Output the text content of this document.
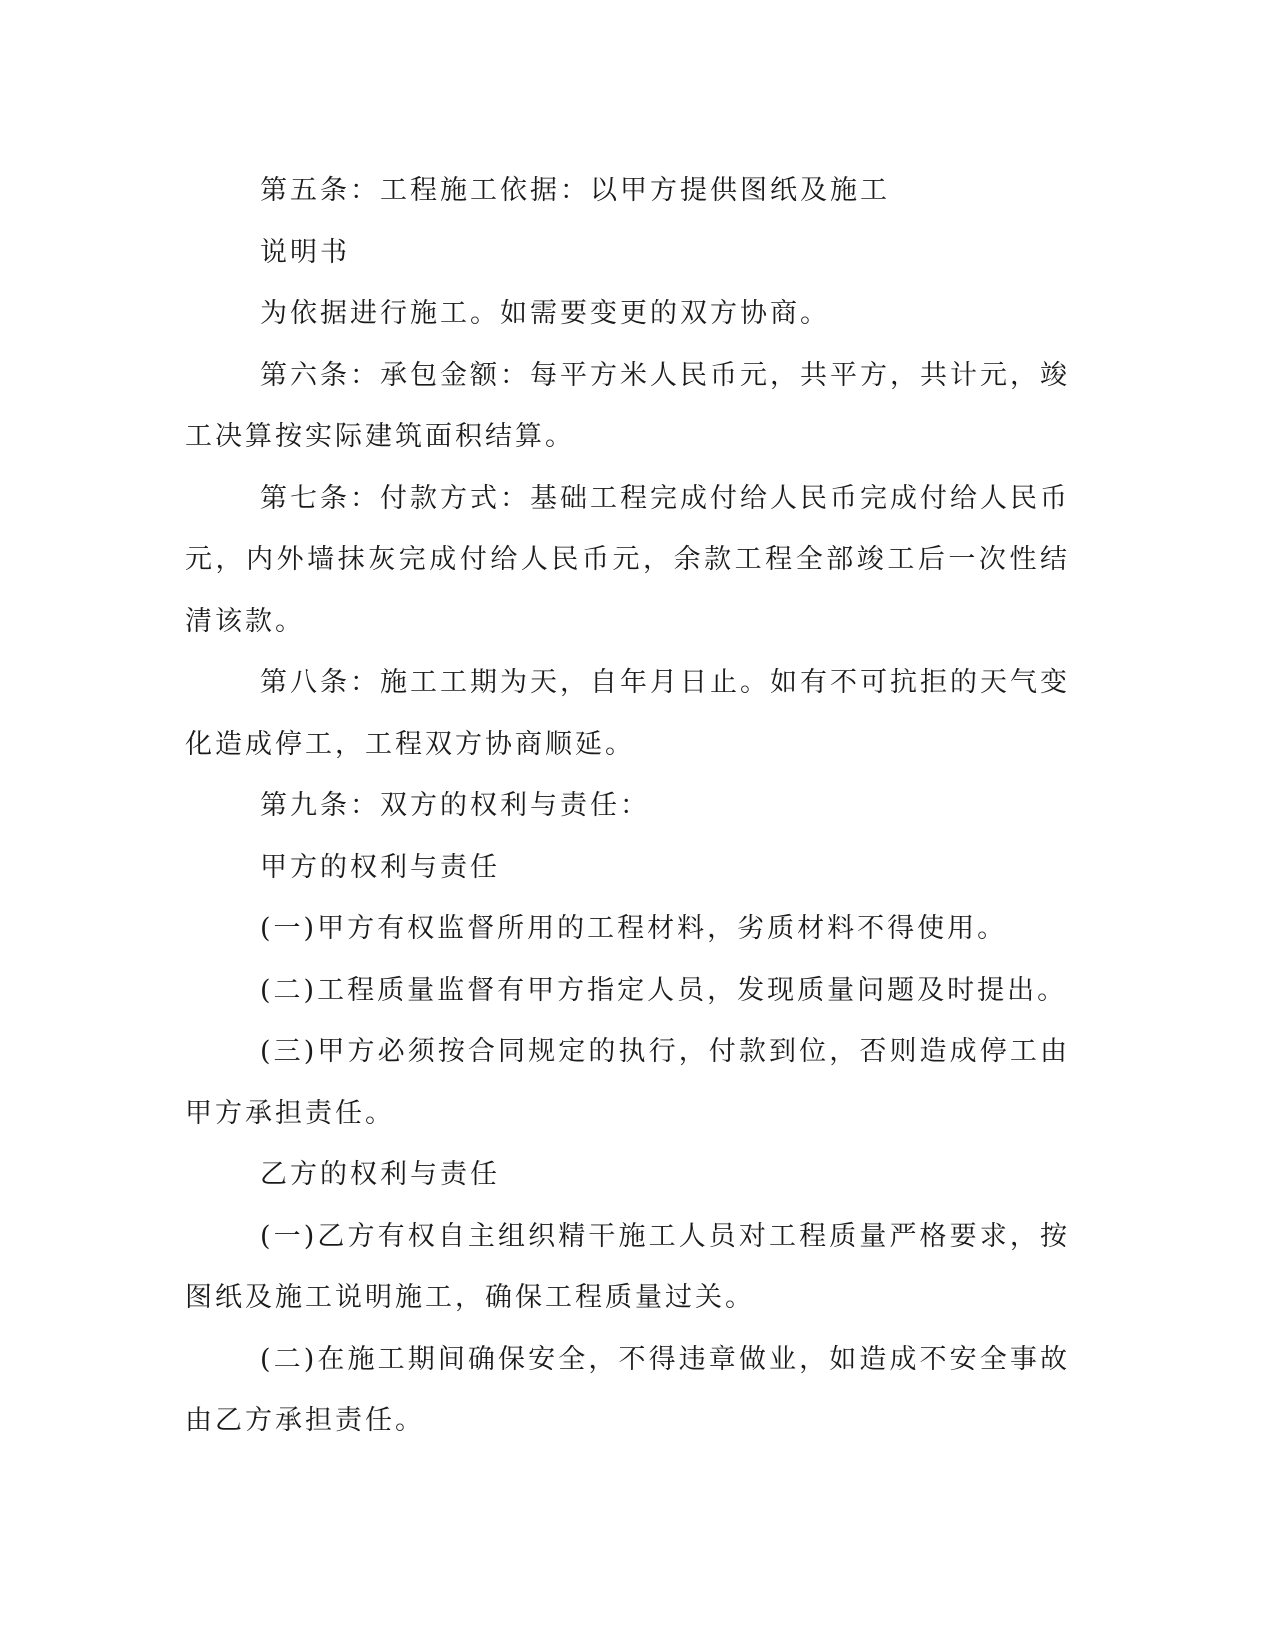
第五条：工程施工依据：以甲方提供图纸及施工

说明书

为依据进行施工。如需要变更的双方协商。

第六条：承包金额：每平方米人民币元，共平方，共计元，竣工决算按实际建筑面积结算。

第七条：付款方式：基础工程完成付给人民币完成付给人民币元，内外墙抹灰完成付给人民币元，余款工程全部竣工后一次性结清该款。

第八条：施工工期为天，自年月日止。如有不可抗拒的天气变化造成停工，工程双方协商顺延。

第九条：双方的权利与责任：

甲方的权利与责任

(一)甲方有权监督所用的工程材料，劣质材料不得使用。

(二)工程质量监督有甲方指定人员，发现质量问题及时提出。

(三)甲方必须按合同规定的执行，付款到位，否则造成停工由甲方承担责任。

乙方的权利与责任

(一)乙方有权自主组织精干施工人员对工程质量严格要求，按图纸及施工说明施工，确保工程质量过关。

(二)在施工期间确保安全，不得违章做业，如造成不安全事故由乙方承担责任。
